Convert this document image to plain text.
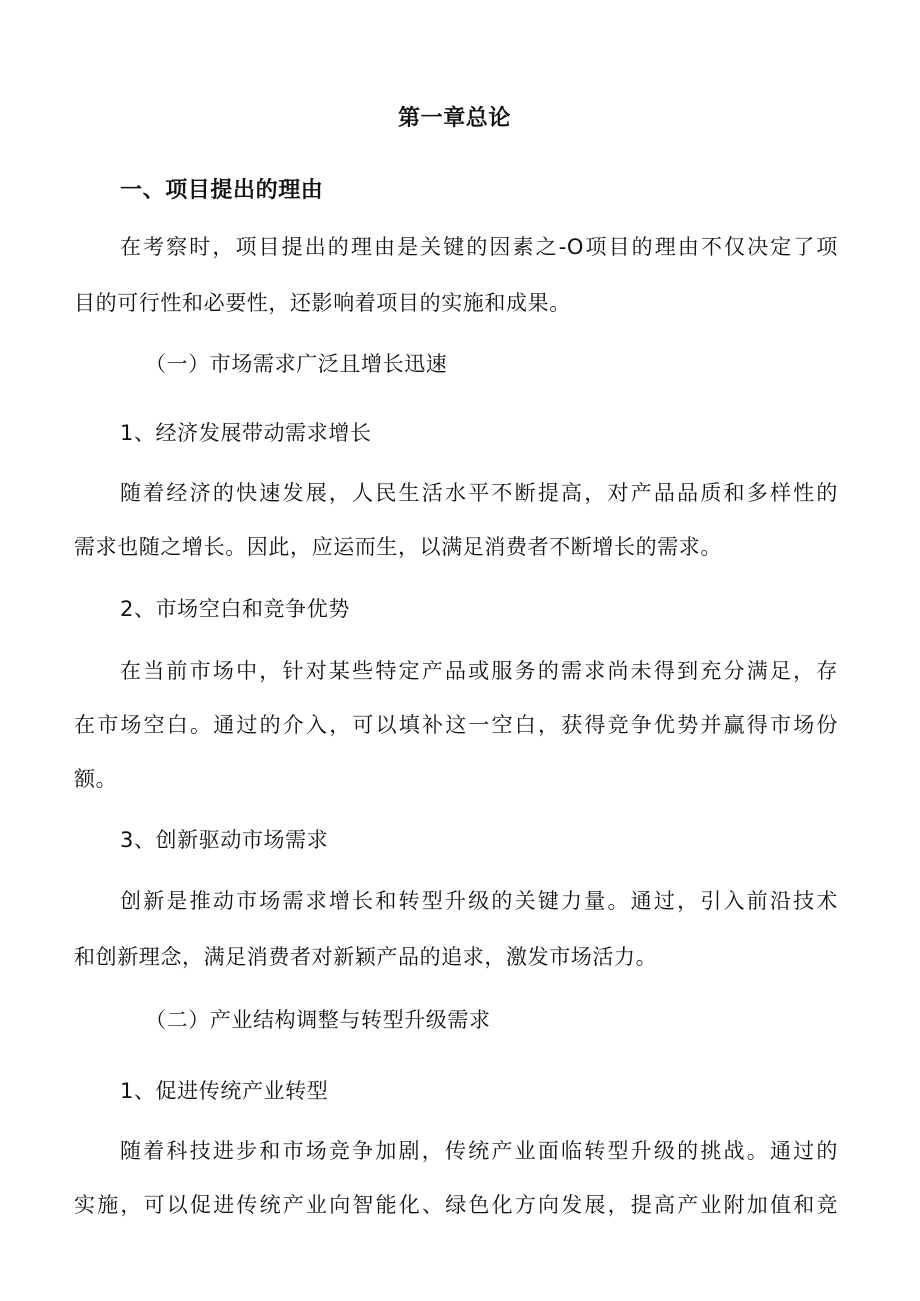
第一章总论
一、项目提出的理由
在考察时，项目提出的理由是关键的因素之-O项目的理由不仅决定了项
目的可行性和必要性，还影响着项目的实施和成果。
（一）市场需求广泛且增长迅速
1、经济发展带动需求增长
随着经济的快速发展，人民生活水平不断提高，对产品品质和多样性的
需求也随之增长。因此，应运而生，以满足消费者不断增长的需求。
2、市场空白和竞争优势
在当前市场中，针对某些特定产品或服务的需求尚未得到充分满足，存
在市场空白。通过的介入，可以填补这一空白，获得竞争优势并赢得市场份
额。
3、创新驱动市场需求
创新是推动市场需求增长和转型升级的关键力量。通过，引入前沿技术
和创新理念，满足消费者对新颖产品的追求，激发市场活力。
（二）产业结构调整与转型升级需求
1、促进传统产业转型
随着科技进步和市场竞争加剧，传统产业面临转型升级的挑战。通过的
实施，可以促进传统产业向智能化、绿色化方向发展，提高产业附加值和竞
